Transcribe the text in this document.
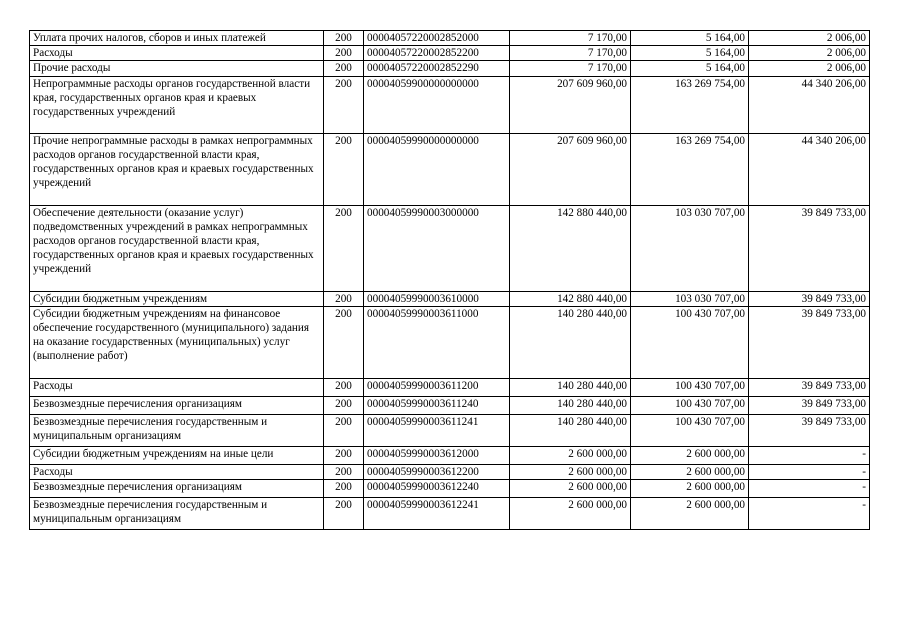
Уплата прочих налогов, сборов и иных платежей	200	00004057220002852000	7 170,00	5 164,00	2 006,00
Расходы	200	00004057220002852200	7 170,00	5 164,00	2 006,00
Прочие расходы	200	00004057220002852290	7 170,00	5 164,00	2 006,00
Непрограммные расходы органов государственной власти края, государственных органов края и краевых государственных учреждений	200	00004059900000000000	207 609 960,00	163 269 754,00	44 340 206,00
Прочие непрограммные расходы в рамках непрограммных расходов органов государственной власти края, государственных органов края и краевых государственных учреждений	200	00004059990000000000	207 609 960,00	163 269 754,00	44 340 206,00
Обеспечение деятельности (оказание услуг) подведомственных учреждений в рамках непрограммных расходов органов государственной власти края, государственных органов края и краевых государственных учреждений	200	00004059990003000000	142 880 440,00	103 030 707,00	39 849 733,00
Субсидии бюджетным учреждениям	200	00004059990003610000	142 880 440,00	103 030 707,00	39 849 733,00
Субсидии бюджетным учреждениям на финансовое обеспечение государственного (муниципального) задания на оказание государственных (муниципальных) услуг (выполнение работ)	200	00004059990003611000	140 280 440,00	100 430 707,00	39 849 733,00
Расходы	200	00004059990003611200	140 280 440,00	100 430 707,00	39 849 733,00
Безвозмездные перечисления организациям	200	00004059990003611240	140 280 440,00	100 430 707,00	39 849 733,00
Безвозмездные перечисления государственным и муниципальным организациям	200	00004059990003611241	140 280 440,00	100 430 707,00	39 849 733,00
Субсидии бюджетным учреждениям на иные цели	200	00004059990003612000	2 600 000,00	2 600 000,00	-
Расходы	200	00004059990003612200	2 600 000,00	2 600 000,00	-
Безвозмездные перечисления организациям	200	00004059990003612240	2 600 000,00	2 600 000,00	-
Безвозмездные перечисления государственным и муниципальным организациям	200	00004059990003612241	2 600 000,00	2 600 000,00	-
